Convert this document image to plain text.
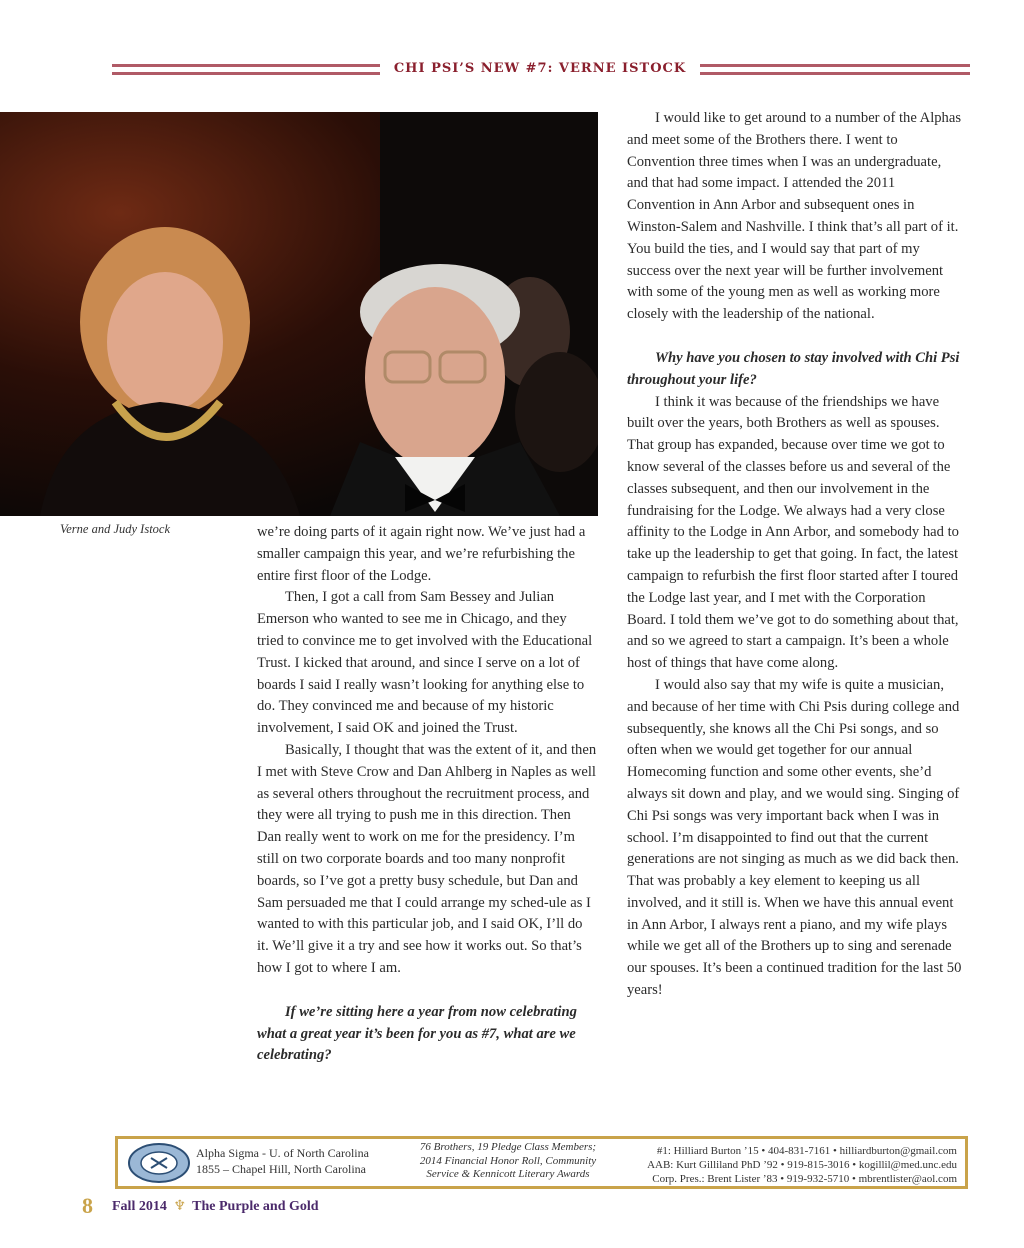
CHI PSI’S NEW #7: VERNE ISTOCK
Verne and Judy Istock	we’re doing parts of it again right now. We’ve just had a smaller campaign this year, and we’re refurbishing the entire first floor of the Lodge.

Then, I got a call from Sam Bessey and Julian Emerson who wanted to see me in Chicago, and they tried to convince me to get involved with the Educational Trust. I kicked that around, and since I serve on a lot of boards I said I really wasn’t looking for anything else to do. They convinced me and because of my historic involvement, I said OK and joined the Trust.

Basically, I thought that was the extent of it, and then I met with Steve Crow and Dan Ahlberg in Naples as well as several others throughout the recruitment process, and they were all trying to push me in this direction. Then Dan really went to work on me for the presidency. I’m still on two corporate boards and too many nonprofit boards, so I’ve got a pretty busy schedule, but Dan and Sam persuaded me that I could arrange my sched-ule as I wanted to with this particular job, and I said OK, I’ll do it. We’ll give it a try and see how it works out. So that’s how I got to where I am.

If we’re sitting here a year from now celebrating what a great year it’s been for you as #7, what are we celebrating?

I would like to get around to a number of the Alphas and meet some of the Brothers there. I went to Convention three times when I was an undergraduate, and that had some impact. I attended the 2011 Convention in Ann Arbor and subsequent ones in Winston-Salem and Nashville. I think that’s all part of it. You build the ties, and I would say that part of my success over the next year will be further involvement with some of the young men as well as working more closely with the leadership of the national.

Why have you chosen to stay involved with Chi Psi throughout your life?

I think it was because of the friendships we have built over the years, both Brothers as well as spouses. That group has expanded, because over time we got to know several of the classes before us and several of the classes subsequent, and then our involvement in the fundraising for the Lodge. We always had a very close affinity to the Lodge in Ann Arbor, and somebody had to take up the leadership to get that going. In fact, the latest campaign to refurbish the first floor started after I toured the Lodge last year, and I met with the Corporation Board. I told them we’ve got to do something about that, and so we agreed to start a campaign. It’s been a whole host of things that have come along.

I would also say that my wife is quite a musician, and because of her time with Chi Psis during college and subsequently, she knows all the Chi Psi songs, and so often when we would get together for our annual Homecoming function and some other events, she’d always sit down and play, and we would sing. Singing of Chi Psi songs was very important back when I was in school. I’m disappointed to find out that the current generations are not singing as much as we did back then. That was probably a key element to keeping us all involved, and it still is. When we have this annual event in Ann Arbor, I always rent a piano, and my wife plays while we get all of the Brothers up to sing and serenade our spouses. It’s been a continued tradition for the last 50 years!

Alpha Sigma - U. of North Carolina
1855 – Chapel Hill, North Carolina
76 Brothers, 19 Pledge Class Members;
2014 Financial Honor Roll, Community
Service & Kennicott Literary Awards
#1: Hilliard Burton ’15 • 404-831-7161 • hilliardburton@gmail.com
AAB: Kurt Gilliland PhD ’92 • 919-815-3016 • kogillil@med.unc.edu
Corp. Pres.: Brent Lister ’83 • 919-932-5710 • mbrentlister@aol.com
8 Fall 2014 ♆ The Purple and Gold
